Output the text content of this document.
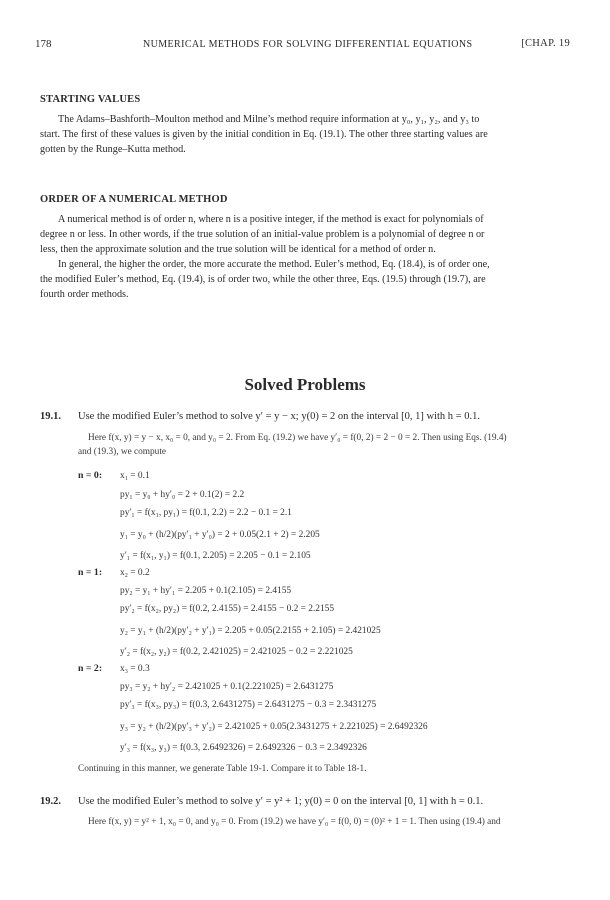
178	NUMERICAL METHODS FOR SOLVING DIFFERENTIAL EQUATIONS	[CHAP. 19
STARTING VALUES
The Adams–Bashforth–Moulton method and Milne’s method require information at y₀, y₁, y₂, and y₃ to
start. The first of these values is given by the initial condition in Eq. (19.1). The other three starting values are
gotten by the Runge–Kutta method.
ORDER OF A NUMERICAL METHOD
A numerical method is of order n, where n is a positive integer, if the method is exact for polynomials of
degree n or less. In other words, if the true solution of an initial-value problem is a polynomial of degree n or
less, then the approximate solution and the true solution will be identical for a method of order n.
In general, the higher the order, the more accurate the method. Euler’s method, Eq. (18.4), is of order one,
the modified Euler’s method, Eq. (19.4), is of order two, while the other three, Eqs. (19.5) through (19.7), are
fourth order methods.
Solved Problems
19.1. Use the modified Euler’s method to solve y′ = y − x; y(0) = 2 on the interval [0, 1] with h = 0.1.
Here f(x, y) = y − x, x₀ = 0, and y₀ = 2. From Eq. (19.2) we have y′₀ = f(0, 2) = 2 − 0 = 2. Then using Eqs. (19.4)
and (19.3), we compute
n = 0: x₁ = 0.1
py₁ = y₀ + hy′₀ = 2 + 0.1(2) = 2.2
py′₁ = f(x₁, py₁) = f(0.1, 2.2) = 2.2 − 0.1 = 2.1
y₁ = y₀ + (h/2)(py′₁ + y′₀) = 2 + 0.05(2.1 + 2) = 2.205
y′₁ = f(x₁, y₁) = f(0.1, 2.205) = 2.205 − 0.1 = 2.105
n = 1: x₂ = 0.2
py₂ = y₁ + hy′₁ = 2.205 + 0.1(2.105) = 2.4155
py′₂ = f(x₂, py₂) = f(0.2, 2.4155) = 2.4155 − 0.2 = 2.2155
y₂ = y₁ + (h/2)(py′₂ + y′₁) = 2.205 + 0.05(2.2155 + 2.105) = 2.421025
y′₂ = f(x₂, y₂) = f(0.2, 2.421025) = 2.421025 − 0.2 = 2.221025
n = 2: x₃ = 0.3
py₃ = y₂ + hy′₂ = 2.421025 + 0.1(2.221025) = 2.6431275
py′₃ = f(x₃, py₃) = f(0.3, 2.6431275) = 2.6431275 − 0.3 = 2.3431275
y₃ = y₂ + (h/2)(py′₃ + y′₂) = 2.421025 + 0.05(2.3431275 + 2.221025) = 2.6492326
y′₃ = f(x₃, y₃) = f(0.3, 2.6492326) = 2.6492326 − 0.3 = 2.3492326
Continuing in this manner, we generate Table 19-1. Compare it to Table 18-1.
19.2. Use the modified Euler’s method to solve y′ = y² + 1; y(0) = 0 on the interval [0, 1] with h = 0.1.
Here f(x, y) = y² + 1, x₀ = 0, and y₀ = 0. From (19.2) we have y′₀ = f(0, 0) = (0)² + 1 = 1. Then using (19.4) and
